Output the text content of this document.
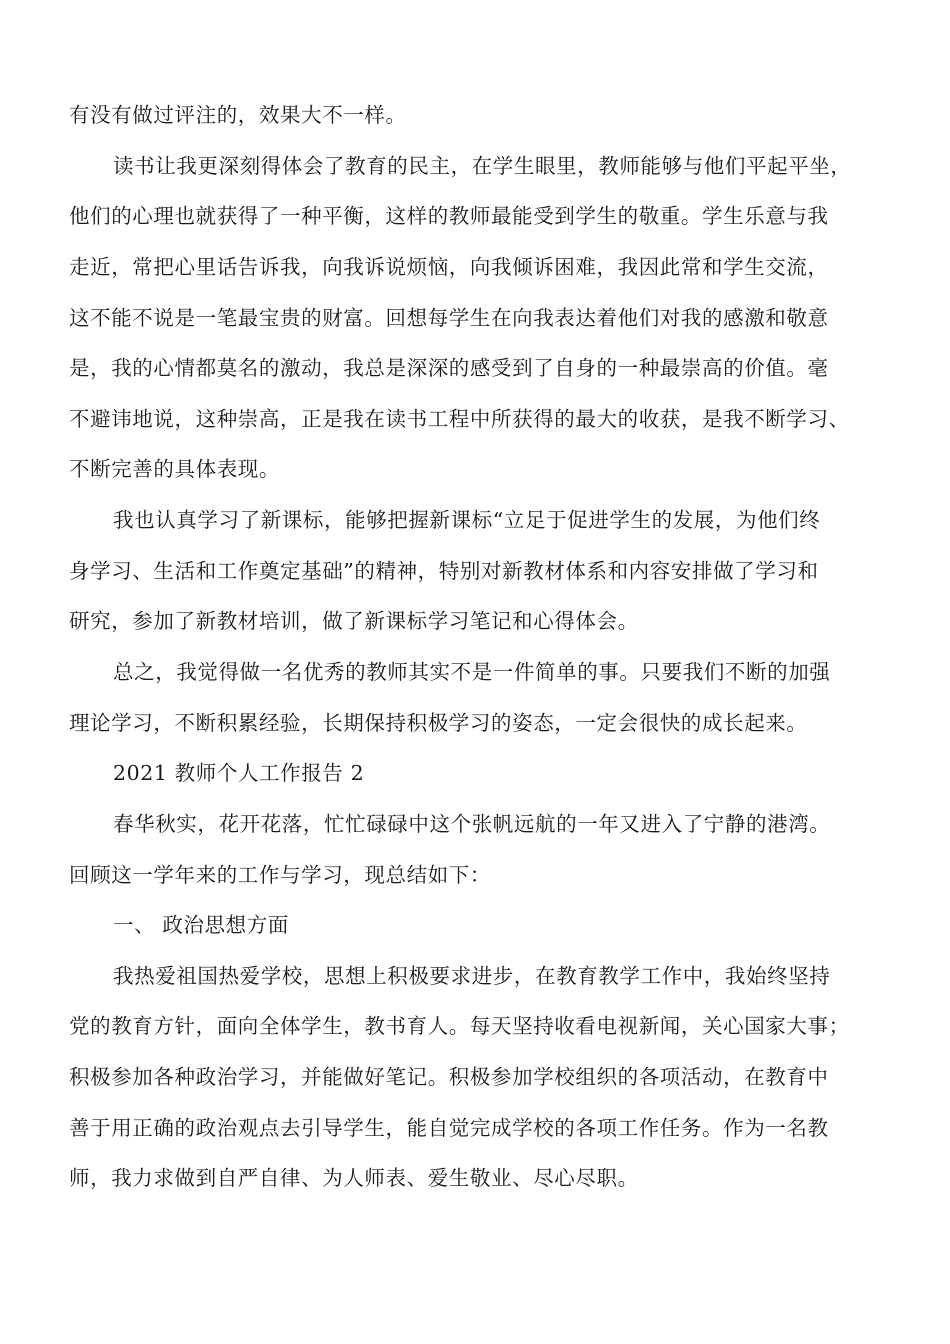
有没有做过评注的，效果大不一样。
读书让我更深刻得体会了教育的民主，在学生眼里，教师能够与他们平起平坐，
他们的心理也就获得了一种平衡，这样的教师最能受到学生的敬重。学生乐意与我
走近，常把心里话告诉我，向我诉说烦恼，向我倾诉困难，我因此常和学生交流，
这不能不说是一笔最宝贵的财富。回想每学生在向我表达着他们对我的感激和敬意
是，我的心情都莫名的激动，我总是深深的感受到了自身的一种最崇高的价值。毫
不避讳地说，这种崇高，正是我在读书工程中所获得的最大的收获，是我不断学习、
不断完善的具体表现。
我也认真学习了新课标，能够把握新课标“立足于促进学生的发展，为他们终
身学习、生活和工作奠定基础”的精神，特别对新教材体系和内容安排做了学习和
研究，参加了新教材培训，做了新课标学习笔记和心得体会。
总之，我觉得做一名优秀的教师其实不是一件简单的事。只要我们不断的加强
理论学习，不断积累经验，长期保持积极学习的姿态，一定会很快的成长起来。
2021 教师个人工作报告 2
春华秋实，花开花落，忙忙碌碌中这个张帆远航的一年又进入了宁静的港湾。
回顾这一学年来的工作与学习，现总结如下：
一、 政治思想方面
我热爱祖国热爱学校，思想上积极要求进步，在教育教学工作中，我始终坚持
党的教育方针，面向全体学生，教书育人。每天坚持收看电视新闻，关心国家大事；
积极参加各种政治学习，并能做好笔记。积极参加学校组织的各项活动，在教育中
善于用正确的政治观点去引导学生，能自觉完成学校的各项工作任务。作为一名教
师，我力求做到自严自律、为人师表、爱生敬业、尽心尽职。
